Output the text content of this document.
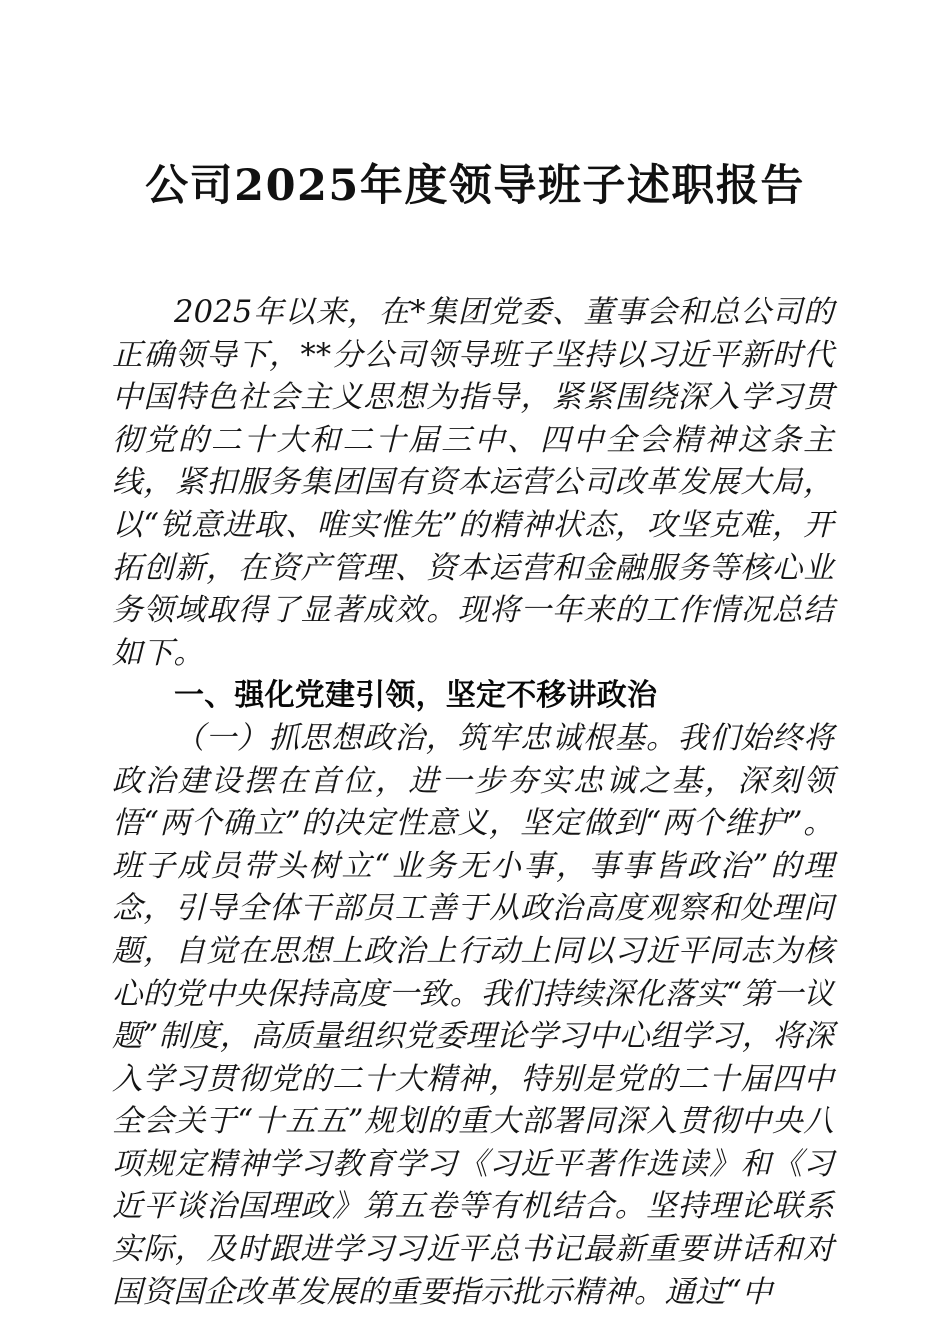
公司2025年度领导班子述职报告

2025年以来，在*集团党委、董事会和总公司的正确领导下，**分公司领导班子坚持以习近平新时代中国特色社会主义思想为指导，紧紧围绕深入学习贯彻党的二十大和二十届三中、四中全会精神这条主线，紧扣服务集团国有资本运营公司改革发展大局，以“锐意进取、唯实惟先”的精神状态，攻坚克难，开拓创新，在资产管理、资本运营和金融服务等核心业务领域取得了显著成效。现将一年来的工作情况总结如下。

一、强化党建引领，坚定不移讲政治

（一）抓思想政治，筑牢忠诚根基。我们始终将政治建设摆在首位，进一步夯实忠诚之基，深刻领悟“两个确立”的决定性意义，坚定做到“两个维护”。班子成员带头树立“业务无小事，事事皆政治”的理念，引导全体干部员工善于从政治高度观察和处理问题，自觉在思想上政治上行动上同以习近平同志为核心的党中央保持高度一致。我们持续深化落实“第一议题”制度，高质量组织党委理论学习中心组学习，将深入学习贯彻党的二十大精神，特别是党的二十届四中全会关于“十五五”规划的重大部署同深入贯彻中央八项规定精神学习教育学习《习近平著作选读》和《习近平谈治国理政》第五卷等有机结合。坚持理论联系实际，及时跟进学习习近平总书记最新重要讲话和对国资国企改革发展的重要指示批示精神。通过“中
